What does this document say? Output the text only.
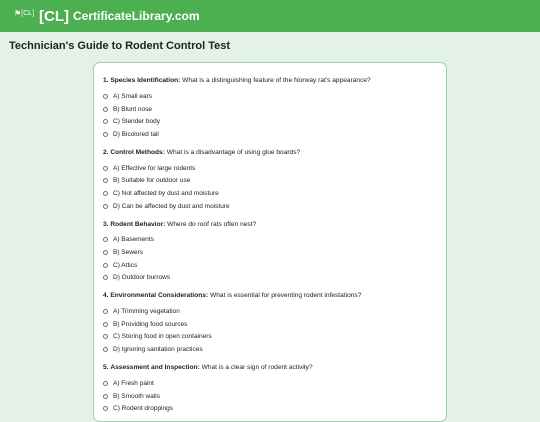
⚑ [CL] [CL] CertificateLibrary.com
Technician's Guide to Rodent Control Test
1. Species Identification: What is a distinguishing feature of the Norway rat's appearance?
A) Small ears
B) Blunt nose
C) Slender body
D) Bicolored tail
2. Control Methods: What is a disadvantage of using glue boards?
A) Effective for large rodents
B) Suitable for outdoor use
C) Not affected by dust and moisture
D) Can be affected by dust and moisture
3. Rodent Behavior: Where do roof rats often nest?
A) Basements
B) Sewers
C) Attics
D) Outdoor burrows
4. Environmental Considerations: What is essential for preventing rodent infestations?
A) Trimming vegetation
B) Providing food sources
C) Storing food in open containers
D) Ignoring sanitation practices
5. Assessment and Inspection: What is a clear sign of rodent activity?
A) Fresh paint
B) Smooth walls
C) Rodent droppings
